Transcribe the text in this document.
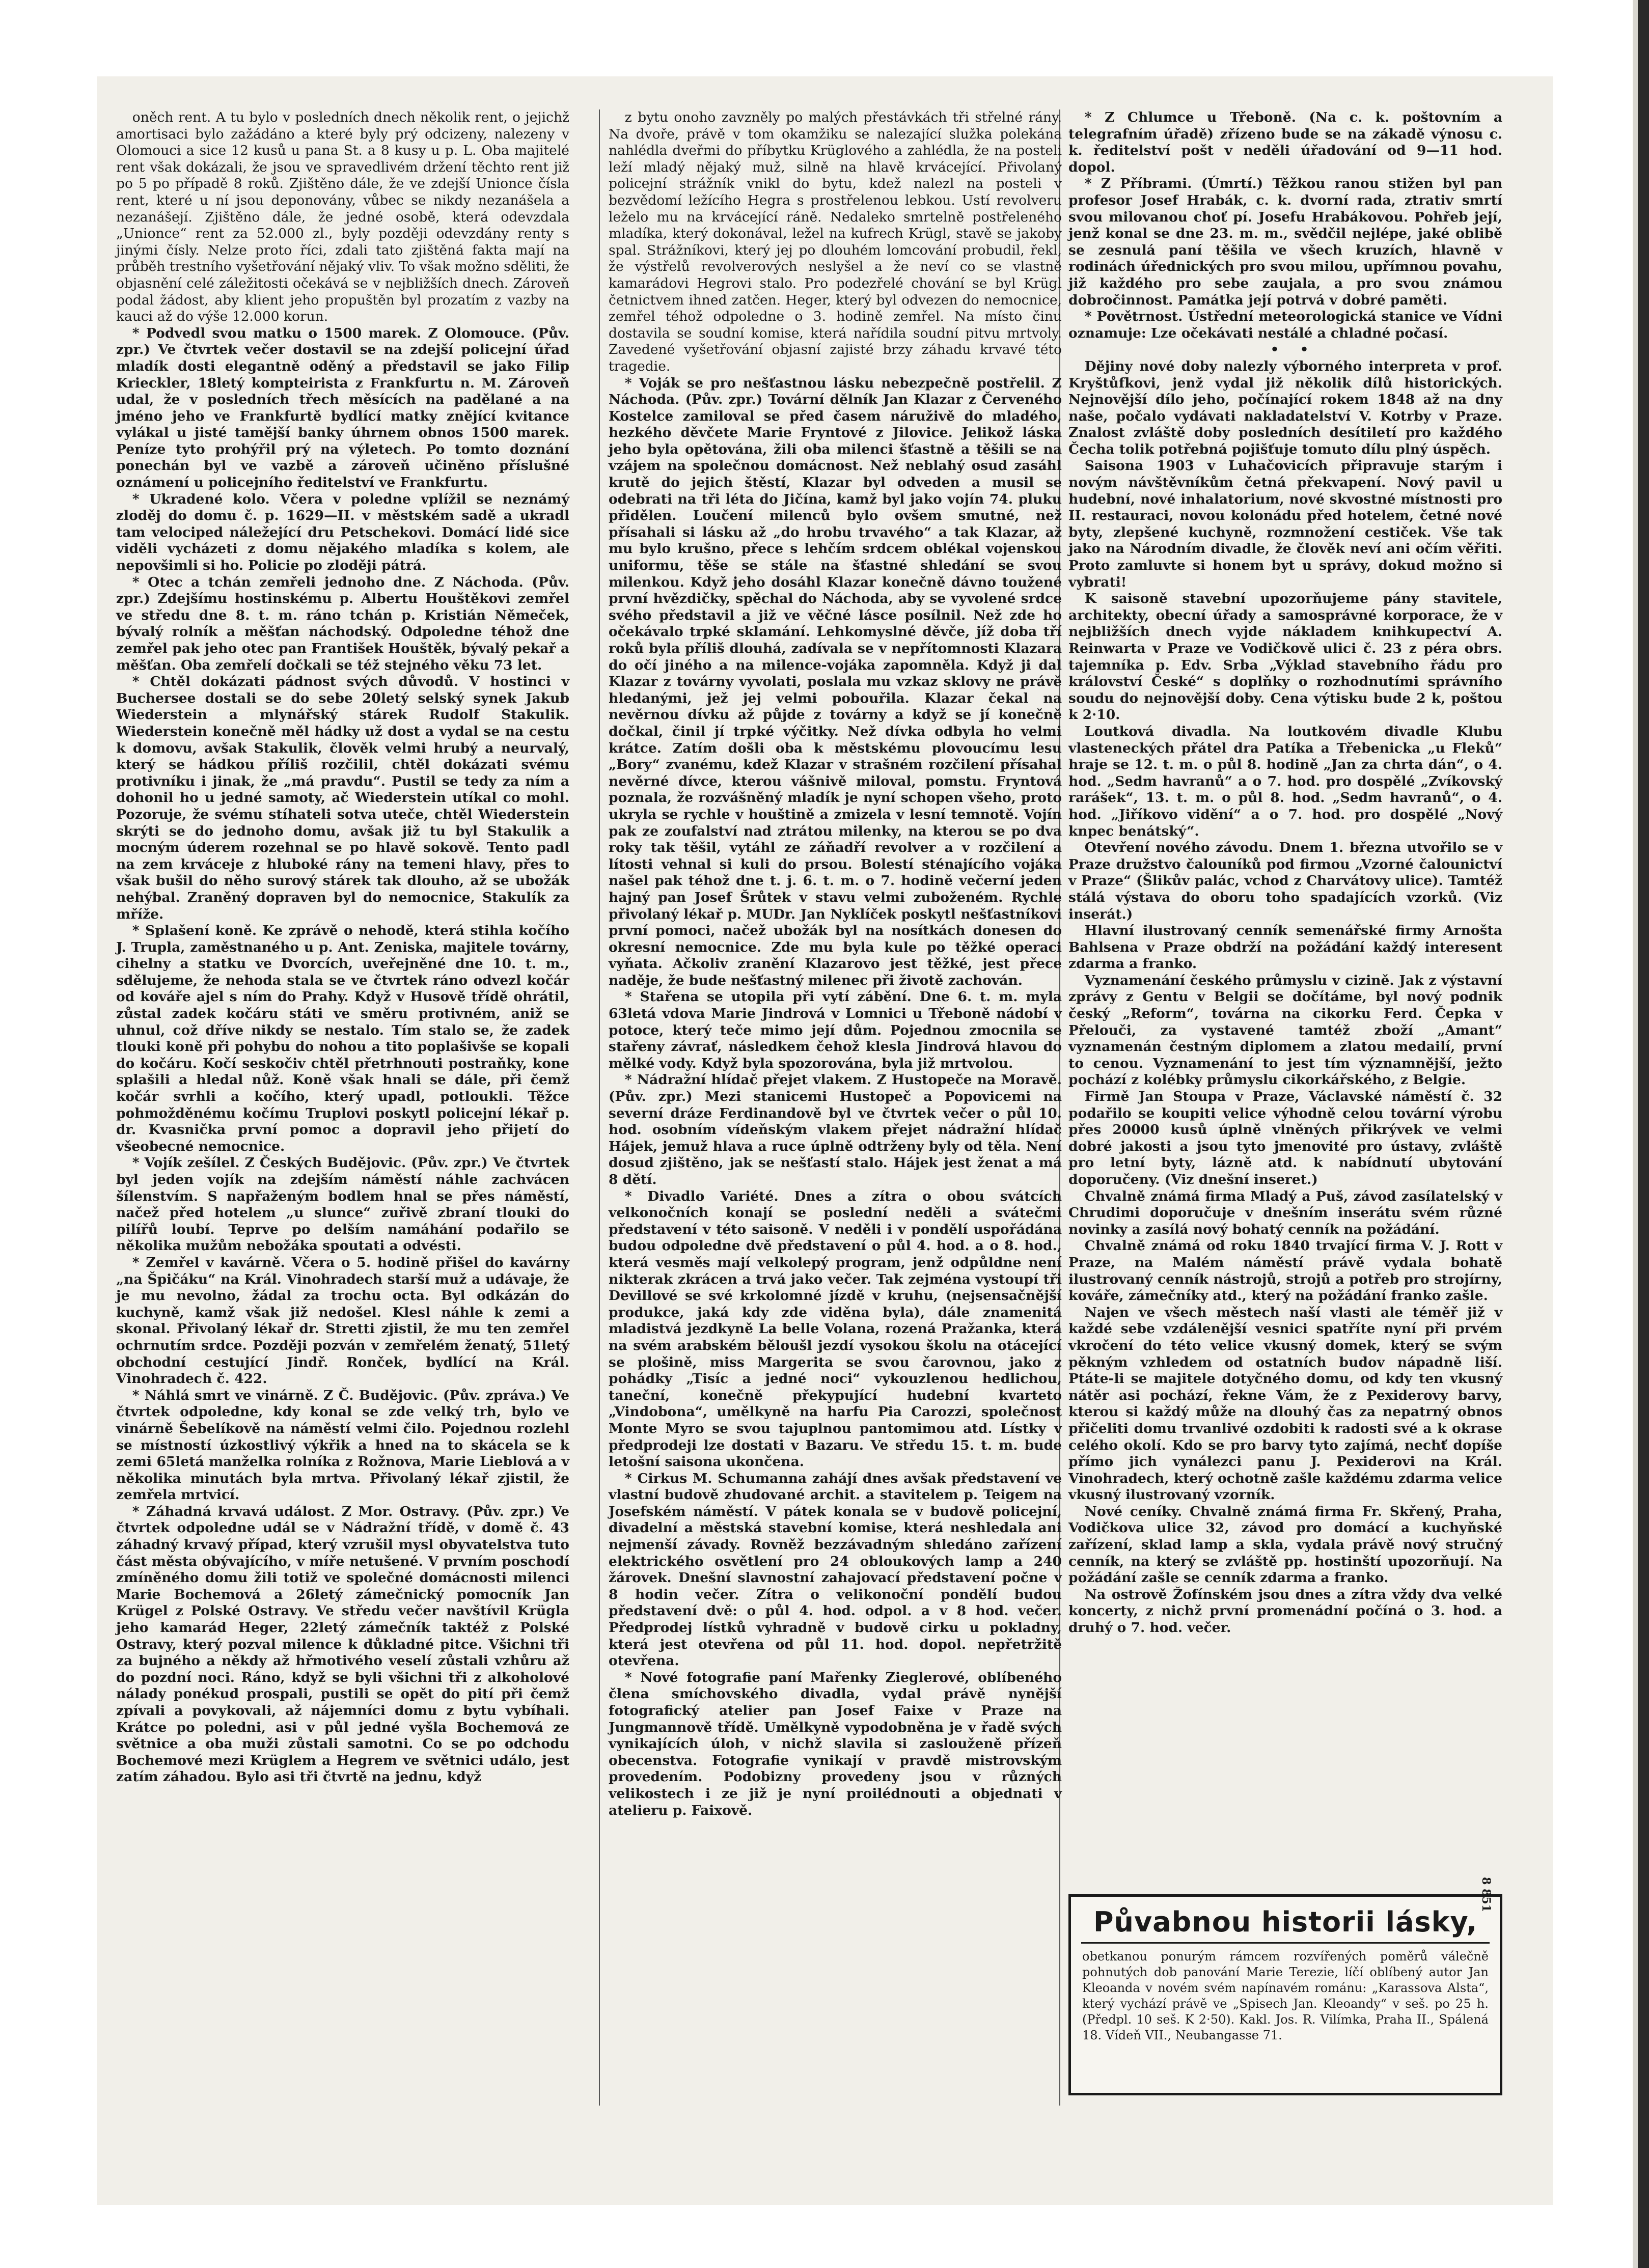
oněch rent. A tu bylo v posledních dnech několik rent, o jejichž amortisaci bylo zažádáno a které byly prý odcizeny, nalezeny v Olomouci a sice 12 kusů u pana St. a 8 kusy u p. L. Oba majitelé rent však dokázali, že jsou ve spravedlivém držení těchto rent již po 5 po případě 8 roků. Zjištěno dále, že ve zdejší Unionce čísla rent, které u ní jsou deponovány, vůbec se nikdy nezanášela a nezanášejí. Zjištěno dále, že jedné osobě, která odevzdala „Unionce“ rent za 52.000 zl., byly později odevzdány renty s jinými čísly. Nelze proto říci, zdali tato zjištěná fakta mají na průběh trestního vyšetřování nějaký vliv. To však možno sděliti, že objasnění celé záležitosti očekává se v nejbližších dnech. Zároveň podal žádost, aby klient jeho propuštěn byl prozatím z vazby na kauci až do výše 12.000 korun.

* Podvedl svou matku o 1500 marek. Z Olomouce. (Pův. zpr.) Ve čtvrtek večer dostavil se na zdejší policejní úřad mladík dosti elegantně oděný a představil se jako Filip Krieckler, 18letý kompteirista z Frankfurtu n. M. Zároveň udal, že v posledních třech měsících na padělané a na jméno jeho ve Frankfurtě bydlící matky znějící kvitance vylákal u jisté tamější banky úhrnem obnos 1500 marek. Peníze tyto prohýřil prý na výletech. Po tomto doznání ponechán byl ve vazbě a zároveň učiněno příslušné oznámení u policejního ředitelství ve Frankfurtu.

* Ukradené kolo. Včera v poledne vplížil se neznámý zloděj do domu č. p. 1629—II. v městském sadě a ukradl tam velociped náležející dru Petschekovi. Domácí lidé sice viděli vycházeti z domu nějakého mladíka s kolem, ale nepovšimli si ho. Policie po zloději pátrá.

* Otec a tchán zemřeli jednoho dne. Z Náchoda. (Pův. zpr.) Zdejšímu hostinskému p. Albertu Houštěkovi zemřel ve středu dne 8. t. m. ráno tchán p. Kristián Němeček, bývalý rolník a měšťan náchodský. Odpoledne téhož dne zemřel pak jeho otec pan František Houštěk, bývalý pekař a měšťan. Oba zemřelí dočkali se též stejného věku 73 let.

* Chtěl dokázati pádnost svých důvodů. V hostinci v Buchersee dostali se do sebe 20letý selský synek Jakub Wiederstein a mlynářský stárek Rudolf Stakulik. Wiederstein konečně měl hádky už dost a vydal se na cestu k domovu, avšak Stakulik, člověk velmi hrubý a neurvalý, který se hádkou příliš rozčilil, chtěl dokázati svému protivníku i jinak, že „má pravdu“. Pustil se tedy za ním a dohonil ho u jedné samoty, ač Wiederstein utíkal co mohl. Pozoruje, že svému stíhateli sotva uteče, chtěl Wiederstein skrýti se do jednoho domu, avšak již tu byl Stakulik a mocným úderem rozehnal se po hlavě sokově. Tento padl na zem krváceje z hluboké rány na temeni hlavy, přes to však bušil do něho surový stárek tak dlouho, až se ubožák nehýbal. Zraněný dopraven byl do nemocnice, Stakulík za mříže.

* Splašení koně. Ke zprávě o nehodě, která stihla kočího J. Trupla, zaměstnaného u p. Ant. Zeniska, majitele továrny, cihelny a statku ve Dvorcích, uveřejněné dne 10. t. m., sdělujeme, že nehoda stala se ve čtvrtek ráno odvezl kočár od kováře ajel s ním do Prahy. Když v Husově třídě ohrátil, zůstal zadek kočáru státi ve směru protivném, aniž se uhnul, což dříve nikdy se nestalo. Tím stalo se, že zadek tlouki koně při pohybu do nohou a tito poplašivše se kopali do kočáru. Kočí seskočiv chtěl přetrhnouti postraňky, kone splašili a hledal nůž. Koně však hnali se dále, při čemž kočár svrhli a kočího, který upadl, potloukli. Těžce pohmožděnému kočímu Truplovi poskytl policejní lékař p. dr. Kvasnička první pomoc a dopravil jeho přijetí do všeobecné nemocnice.

* Vojík zešílel. Z Českých Budějovic. (Pův. zpr.) Ve čtvrtek byl jeden vojík na zdejším náměstí náhle zachvácen šílenstvím. S napřaženým bodlem hnal se přes náměstí, načež před hotelem „u slunce“ zuřivě zbraní tlouki do pilířů loubí. Teprve po delším namáhání podařilo se několika mužům nebožáka spoutati a odvésti.

* Zemřel v kavárně. Včera o 5. hodině přišel do kavárny „na Špičáku“ na Král. Vinohradech starší muž a udávaje, že je mu nevolno, žádal za trochu octa. Byl odkázán do kuchyně, kamž však již nedošel. Klesl náhle k zemi a skonal. Přivolaný lékař dr. Stretti zjistil, že mu ten zemřel ochrnutím srdce. Později pozván v zemřelém ženatý, 51letý obchodní cestující Jindř. Ronček, bydlící na Král. Vinohradech č. 422.

* Náhlá smrt ve vinárně. Z Č. Budějovic. (Pův. zpráva.) Ve čtvrtek odpoledne, kdy konal se zde velký trh, bylo ve vinárně Šebelíkově na náměstí velmi čilo. Pojednou rozlehl se místností úzkostlivý výkřik a hned na to skácela se k zemi 65letá manželka rolníka z Rožnova, Marie Lieblová a v několika minutách byla mrtva. Přivolaný lékař zjistil, že zemřela mrtvicí.

* Záhadná krvavá událost. Z Mor. Ostravy. (Pův. zpr.) Ve čtvrtek odpoledne udál se v Nádražní třídě, v domě č. 43 záhadný krvavý případ, který vzrušil mysl obyvatelstva tuto část města obývajícího, v míře netušené. V prvním poschodí zmíněného domu žili totiž ve společné domácnosti milenci Marie Bochemová a 26letý zámečnický pomocník Jan Krügel z Polské Ostravy. Ve středu večer navštívil Krügla jeho kamarád Heger, 22letý zámečník taktéž z Polské Ostravy, který pozval milence k důkladné pitce. Všichni tři za bujného a někdy až hřmotivého veselí zůstali vzhůru až do pozdní noci. Ráno, když se byli všichni tři z alkoholové nálady ponékud prospali, pustili se opět do pití při čemž zpívali a povykovali, až nájemníci domu z bytu vybíhali. Krátce po poledni, asi v půl jedné vyšla Bochemová ze světnice a oba muži zůstali samotni. Co se po odchodu Bochemové mezi Krüglem a Hegrem ve světnici událo, jest zatím záhadou. Bylo asi tři čtvrtě na jednu, když

z bytu onoho zavzněly po malých přestávkách tři střelné rány. Na dvoře, právě v tom okamžiku se nalezající služka polekána nahlédla dveřmi do příbytku Krüglového a zahlédla, že na posteli leží mladý nějaký muž, silně na hlavě krvácející. Přivolaný policejní strážník vnikl do bytu, kdež nalezl na posteli v bezvědomí ležícího Hegra s prostřelenou lebkou. Ustí revolveru leželo mu na krvácející ráně. Nedaleko smrtelně postřeleného mladíka, který dokonával, ležel na kufrech Krügl, stavě se jakoby spal. Strážníkovi, který jej po dlouhém lomcování probudil, řekl, že výstřelů revolverových neslyšel a že neví co se vlastně kamarádovi Hegrovi stalo. Pro podezřelé chování se byl Krügl četnictvem ihned zatčen. Heger, který byl odvezen do nemocnice, zemřel téhož odpoledne o 3. hodině zemřel. Na místo činu dostavila se soudní komise, která nařídila soudní pitvu mrtvoly. Zavedené vyšetřování objasní zajisté brzy záhadu krvavé této tragedie.

* Voják se pro nešťastnou lásku nebezpečně postřelil. Z Náchoda. (Pův. zpr.) Tovární dělník Jan Klazar z Červeného Kostelce zamiloval se před časem náruživě do mladého, hezkého děvčete Marie Fryntové z Jilovice. Jelikož láska jeho byla opětována, žili oba milenci šťastně a těšili se na vzájem na společnou domácnost. Než neblahý osud zasáhl krutě do jejich štěstí, Klazar byl odveden a musil se odebrati na tři léta do Jičína, kamž byl jako vojín 74. pluku přidělen. Loučení milenců bylo ovšem smutné, než přísahali si lásku až „do hrobu trvavého“ a tak Klazar, až mu bylo krušno, přece s lehčím srdcem oblékal vojenskou uniformu, těše se stále na šťastné shledání se svou milenkou. Když jeho dosáhl Klazar konečně dávno toužené první hvězdičky, spěchal do Náchoda, aby se vyvolené srdce svého představil a již ve věčné lásce posílnil. Než zde ho očekávalo trpké sklamání. Lehkomyslné děvče, jíž doba tří roků byla příliš dlouhá, zadívala se v nepřítomnosti Klazara do očí jiného a na milence-vojáka zapomněla. Když ji dal Klazar z továrny vyvolati, poslala mu vzkaz sklovy ne právě hledanými, jež jej velmi pobouřila. Klazar čekal na nevěrnou dívku až půjde z továrny a když se jí konečně dočkal, činil jí trpké výčitky. Než dívka odbyla ho velmi krátce. Zatím došli oba k městskému plovoucímu lesu „Bory“ zvanému, kdež Klazar v strašném rozčilení přísahal nevěrné dívce, kterou vášnivě miloval, pomstu. Fryntová poznala, že rozvášněný mladík je nyní schopen všeho, proto ukryla se rychle v houštině a zmizela v lesní temnotě. Vojín pak ze zoufalství nad ztrátou milenky, na kterou se po dva roky tak těšil, vytáhl ze záňadří revolver a v rozčilení a lítosti vehnal si kuli do prsou. Bolestí sténajícího vojáka našel pak téhož dne t. j. 6. t. m. o 7. hodině večerní jeden hajný pan Josef Šrůtek v stavu velmi zuboženém. Rychle přivolaný lékař p. MUDr. Jan Nyklíček poskytl nešťastníkovi první pomoci, načež ubožák byl na nosítkách donesen do okresní nemocnice. Zde mu byla kule po těžké operaci vyňata. Ačkoliv zranění Klazarovo jest těžké, jest přece naděje, že bude nešťastný milenec při životě zachován.

* Stařena se utopila při vytí zábění. Dne 6. t. m. myla 63letá vdova Marie Jindrová v Lomnici u Třeboně nádobí v potoce, který teče mimo její dům. Pojednou zmocnila se stařeny závrať, následkem čehož klesla Jindrová hlavou do mělké vody. Když byla spozorována, byla již mrtvolou.

* Nádražní hlídač přejet vlakem. Z Hustopeče na Moravě. (Pův. zpr.) Mezi stanicemi Hustopeč a Popovicemi na severní dráze Ferdinandově byl ve čtvrtek večer o půl 10. hod. osobním vídeňským vlakem přejet nádražní hlídač Hájek, jemuž hlava a ruce úplně odtrženy byly od těla. Není dosud zjištěno, jak se nešťastí stalo. Hájek jest ženat a má 8 dětí.

* Divadlo Variété. Dnes a zítra o obou svátcích velkonočních konají se poslední neděli a svátečmi představení v této saisoně. V neděli i v pondělí uspořádána budou odpoledne dvě představení o půl 4. hod. a o 8. hod., která vesměs mají velkolepý program, jenž odpůldne není nikterak zkrácen a trvá jako večer. Tak zejména vystoupí tři Devillové se své krkolomné jízdě v kruhu, (nejsensačnější produkce, jaká kdy zde viděna byla), dále znamenitá mladistvá jezdkyně La belle Volana, rozená Pražanka, která na svém arabském běloušl jezdí vysokou školu na otácející se plošině, miss Margerita se svou čarovnou, jako z pohádky „Tisíc a jedné noci“ vykouzlenou hedlichou, taneční, konečně překypující hudební kvarteto „Vindobona“, umělkyně na harfu Pia Carozzi, společnost Monte Myro se svou tajuplnou pantomimou atd. Lístky v předprodeji lze dostati v Bazaru. Ve středu 15. t. m. bude letošní saisona ukončena.

* Cirkus M. Schumanna zahájí dnes avšak představení ve vlastní budově zhudované archit. a stavitelem p. Teigem na Josefském náměstí. V pátek konala se v budově policejní, divadelní a městská stavební komise, která neshledala ani nejmenší závady. Rovněž bezzávadným shledáno zařízení elektrického osvětlení pro 24 obloukových lamp a 240 žárovek. Dnešní slavnostní zahajovací představení počne v 8 hodin večer. Zítra o velikonoční pondělí budou představení dvě: o půl 4. hod. odpol. a v 8 hod. večer. Předprodej lístků vyhradně v budově cirku u pokladny, která jest otevřena od půl 11. hod. dopol. nepřetržitě otevřena.

* Nové fotografie paní Mařenky Zieglerové, oblíbeného člena smíchovského divadla, vydal právě nynější fotografický atelier pan Josef Faixe v Praze na Jungmannově třídě. Umělkyně vypodobněna je v řadě svých vynikajících úloh, v nichž slavila si zaslouženě přízeň obecenstva. Fotografie vynikají v pravdě mistrovským provedením. Podobizny provedeny jsou v různých velikostech i ze již je nyní proilédnouti a objednati v atelieru p. Faixově.

* Z Chlumce u Třeboně. (Na c. k. poštovním a telegrafním úřadě) zřízeno bude se na zákadě výnosu c. k. ředitelství pošt v neděli úřadování od 9—11 hod. dopol.

* Z Příbrami. (Úmrtí.) Těžkou ranou stižen byl pan profesor Josef Hrabák, c. k. dvorní rada, ztrativ smrtí svou milovanou choť pí. Josefu Hrabákovou. Pohřeb její, jenž konal se dne 23. m. m., svědčil nejlépe, jaké oblibě se zesnulá paní těšila ve všech kruzích, hlavně v rodinách úřednických pro svou milou, upřímnou povahu, již každého pro sebe zaujala, a pro svou známou dobročinnost. Památka její potrvá v dobré paměti.

* Povětrnost. Ústřední meteorologická stanice ve Vídni oznamuje: Lze očekávati nestálé a chladné počasí.

• •

Dějiny nové doby nalezly výborného interpreta v prof. Kryštůfkovi, jenž vydal již několik dílů historických. Nejnovější dílo jeho, počínající rokem 1848 až na dny naše, počalo vydávati nakladatelství V. Kotrby v Praze. Znalost zvláště doby posledních desítiletí pro každého Čecha tolik potřebná pojišťuje tomuto dílu plný úspěch.

Saisona 1903 v Luhačovicích připravuje starým i novým návštěvníkům četná překvapení. Nový pavil u hudební, nové inhalatorium, nové skvostné místnosti pro II. restauraci, novou kolonádu před hotelem, četné nové byty, zlepšené kuchyně, rozmnožení cestiček. Vše tak jako na Národním divadle, že člověk neví ani očím věřiti. Proto zamluvte si honem byt u správy, dokud možno si vybrati!

K saisoně stavební upozorňujeme pány stavitele, architekty, obecní úřady a samosprávné korporace, že v nejbližších dnech vyjde nákladem knihkupectví A. Reinwarta v Praze ve Vodičkově ulici č. 23 z péra obrs. tajemníka p. Edv. Srba „Výklad stavebního řádu pro království České“ s doplňky o rozhodnutími správního soudu do nejnovější doby. Cena výtisku bude 2 k, poštou k 2·10.

Loutková divadla. Na loutkovém divadle Klubu vlasteneckých přátel dra Patíka a Třebenicka „u Fleků“ hraje se 12. t. m. o půl 8. hodině „Jan za chrta dán“, o 4. hod. „Sedm havranů“ a o 7. hod. pro dospělé „Zvíkovský rarášek“, 13. t. m. o půl 8. hod. „Sedm havranů“, o 4. hod. „Jiříkovo vidění“ a o 7. hod. pro dospělé „Nový knpec benátský“.

Otevření nového závodu. Dnem 1. března utvořilo se v Praze družstvo čalouníků pod firmou „Vzorné čalounictví v Praze“ (Šlikův palác, vchod z Charvátovy ulice). Tamtéž stálá výstava do oboru toho spadajících vzorků. (Viz inserát.)

Hlavní ilustrovaný cenník semenářské firmy Arnošta Bahlsena v Praze obdrží na požádání každý interesent zdarma a franko.

Vyznamenání českého průmyslu v cizině. Jak z výstavní zprávy z Gentu v Belgii se dočítáme, byl nový podnik český „Reform“, továrna na cikorku Ferd. Čepka v Přelouči, za vystavené tamtéž zboží „Amant“ vyznamenán čestným diplomem a zlatou medailí, první to cenou. Vyznamenání to jest tím významnější, ježto pochází z kolébky průmyslu cikorkářského, z Belgie.

Firmě Jan Stoupa v Praze, Václavské náměstí č. 32 podařilo se koupiti velice výhodně celou tovární výrobu přes 20000 kusů úplně vlněných přikrývek ve velmi dobré jakosti a jsou tyto jmenovité pro ústavy, zvláště pro letní byty, lázně atd. k nabídnutí ubytování doporučeny. (Viz dnešní inseret.)

Chvalně známá firma Mladý a Puš, závod zasílatelský v Chrudimi doporučuje v dnešním inserátu svém různé novinky a zasílá nový bohatý cenník na požádání.

Chvalně známá od roku 1840 trvající firma V. J. Rott v Praze, na Malém náměstí právě vydala bohatě ilustrovaný cenník nástrojů, strojů a potřeb pro strojírny, kováře, zámečníky atd., který na požádání franko zašle.

Najen ve všech městech naší vlasti ale téměř již v každé sebe vzdálenější vesnici spatříte nyní při prvém vkročení do této velice vkusný domek, který se svým pěkným vzhledem od ostatních budov nápadně liší. Ptáte-li se majitele dotyčného domu, od kdy ten vkusný nátěr asi pochází, řekne Vám, že z Pexiderovy barvy, kterou si každý může na dlouhý čas za nepatrný obnos přičeliti domu trvanlivé ozdobiti k radosti své a k okrase celého okolí. Kdo se pro barvy tyto zajímá, nechť dopíše přímo jich vynálezci panu J. Pexiderovi na Král. Vinohradech, který ochotně zašle každému zdarma velice vkusný ilustrovaný vzorník.

Nové ceníky. Chvalně známá firma Fr. Skřený, Praha, Vodičkova ulice 32, závod pro domácí a kuchyňské zařízení, sklad lamp a skla, vydala právě nový stručný cenník, na který se zvláště pp. hostinští upozorňují. Na požádání zašle se cenník zdarma a franko.

Na ostrově Žofínském jsou dnes a zítra vždy dva velké koncerty, z nichž první promenádní počíná o 3. hod. a druhý o 7. hod. večer.

Půvabnou historii lásky,
8 851

obetkanou ponurým rámcem rozvířených poměrů válečně pohnutých dob panování Marie Terezie, líčí oblíbený autor Jan Kleoanda v novém svém napínavém románu: „Karassova Alsta“, který vychází právě ve „Spisech Jan. Kleoandy“ v seš. po 25 h. (Předpl. 10 seš. K 2·50). Kakl. Jos. R. Vilímka, Praha II., Spálená 18. Vídeň VII., Neubangasse 71.
